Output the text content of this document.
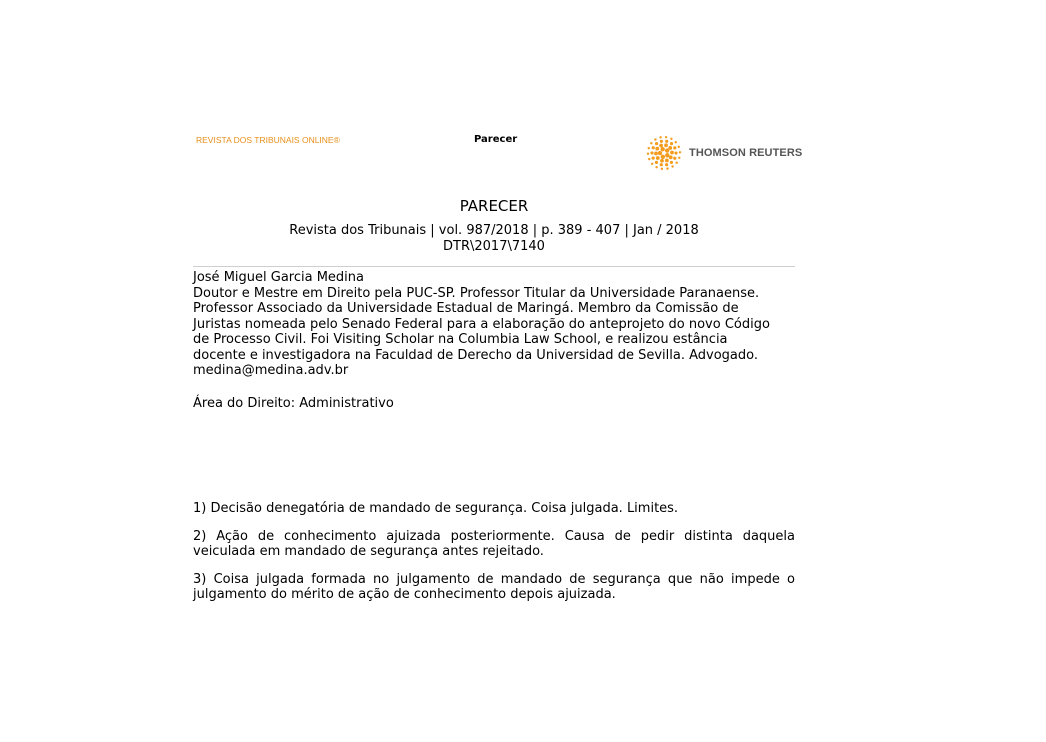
REVISTA DOS TRIBUNAIS ONLINE®	Parecer
THOMSON REUTERS
PARECER
Revista dos Tribunais | vol. 987/2018 | p. 389 - 407 | Jan / 2018
DTR\2017\7140
José Miguel Garcia Medina
Doutor e Mestre em Direito pela PUC-SP. Professor Titular da Universidade Paranaense.
Professor Associado da Universidade Estadual de Maringá. Membro da Comissão de
Juristas nomeada pelo Senado Federal para a elaboração do anteprojeto do novo Código
de Processo Civil. Foi Visiting Scholar na Columbia Law School, e realizou estância
docente e investigadora na Faculdad de Derecho da Universidad de Sevilla. Advogado.
medina@medina.adv.br
Área do Direito: Administrativo

1) Decisão denegatória de mandado de segurança. Coisa julgada. Limites.

2) Ação de conhecimento ajuizada posteriormente. Causa de pedir distinta daquela veiculada em mandado de segurança antes rejeitado.

3) Coisa julgada formada no julgamento de mandado de segurança que não impede o julgamento do mérito de ação de conhecimento depois ajuizada.
